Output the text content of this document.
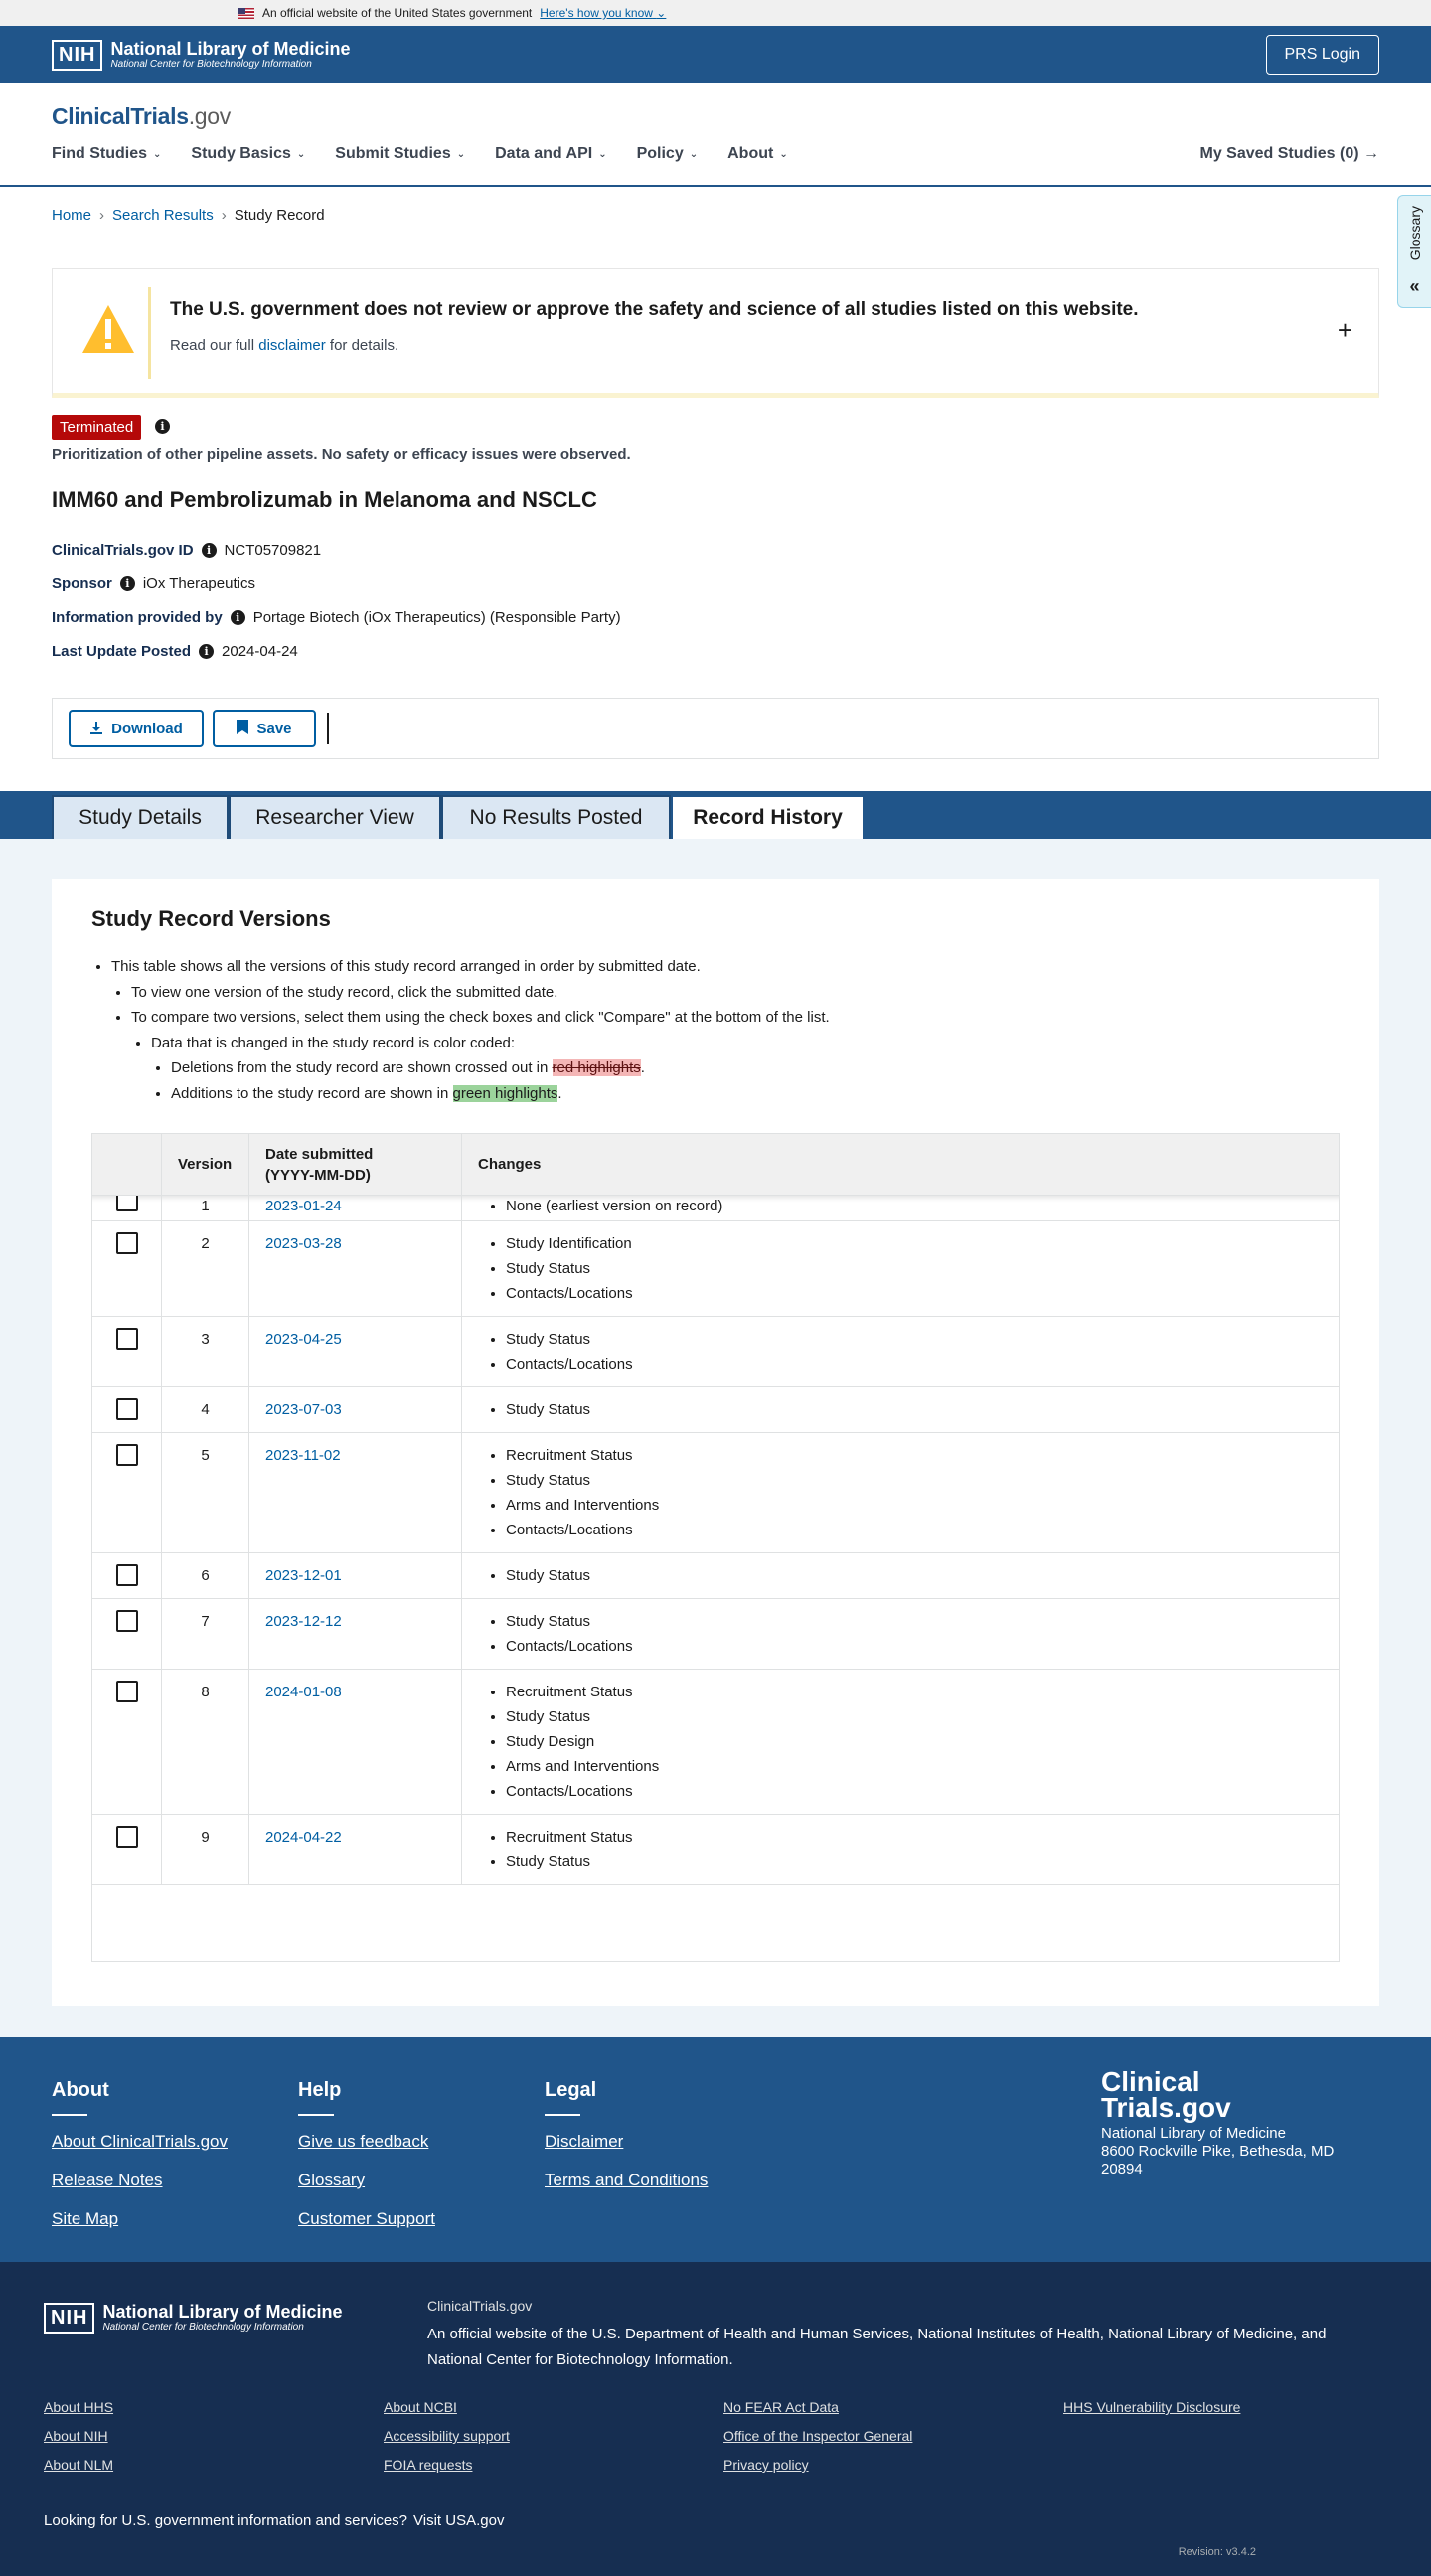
An official website of the United States government Here's how you know ⌄
NIH National Library of Medicine
National Center for Biotechnology Information
PRS Login
ClinicalTrials.gov
Find Studies ⌄ Study Basics ⌄ Submit Studies ⌄ Data and API ⌄ Policy ⌄ About ⌄	My Saved Studies (0) →
Glossary
«
Home › Search Results › Study Record
The U.S. government does not review or approve the safety and science of all studies listed on this website.
Read our full disclaimer for details.
+
Terminated	i
Prioritization of other pipeline assets. No safety or efficacy issues were observed.
IMM60 and Pembrolizumab in Melanoma and NSCLC
ClinicalTrials.gov ID	i NCT05709821
Sponsor	i iOx Therapeutics
Information provided by	i Portage Biotech (iOx Therapeutics) (Responsible Party)
Last Update Posted	i 2024-04-24
Download	Save
Study Details	Researcher View	No Results Posted	Record History
Study Record Versions
• This table shows all the versions of this study record arranged in order by submitted date.
• To view one version of the study record, click the submitted date.
• To compare two versions, select them using the check boxes and click "Compare" at the bottom of the list.
• Data that is changed in the study record is color coded:
• Deletions from the study record are shown crossed out in red highlights.
• Additions to the study record are shown in green highlights.
Version
Date submitted
(YYYY-MM-DD)
Changes
1	2023-01-24	• None (earliest version on record)
2	2023-03-28	• Study Identification
• Study Status
• Contacts/Locations
3	2023-04-25	• Study Status
• Contacts/Locations
4	2023-07-03	• Study Status
5	2023-11-02	• Recruitment Status
• Study Status
• Arms and Interventions
• Contacts/Locations
6	2023-12-01	• Study Status
7	2023-12-12	• Study Status
• Contacts/Locations
8	2024-01-08	• Recruitment Status
• Study Status
• Study Design
• Arms and Interventions
• Contacts/Locations
9	2024-04-22	• Recruitment Status
• Study Status
About
About ClinicalTrials.gov
Release Notes
Site Map
Help
Give us feedback
Glossary
Customer Support
Legal
Disclaimer
Terms and Conditions
Clinical
Trials.gov
National Library of Medicine
8600 Rockville Pike, Bethesda, MD
20894
NIH National Library of Medicine
National Center for Biotechnology Information
ClinicalTrials.gov
An official website of the U.S. Department of Health and Human Services, National Institutes of Health, National Library of Medicine, and National Center for Biotechnology Information.
About HHS
About NIH
About NLM
About NCBI
Accessibility support
FOIA requests
No FEAR Act Data
Office of the Inspector General
Privacy policy
HHS Vulnerability Disclosure
Looking for U.S. government information and services? Visit USA.gov
Revision: v3.4.2
